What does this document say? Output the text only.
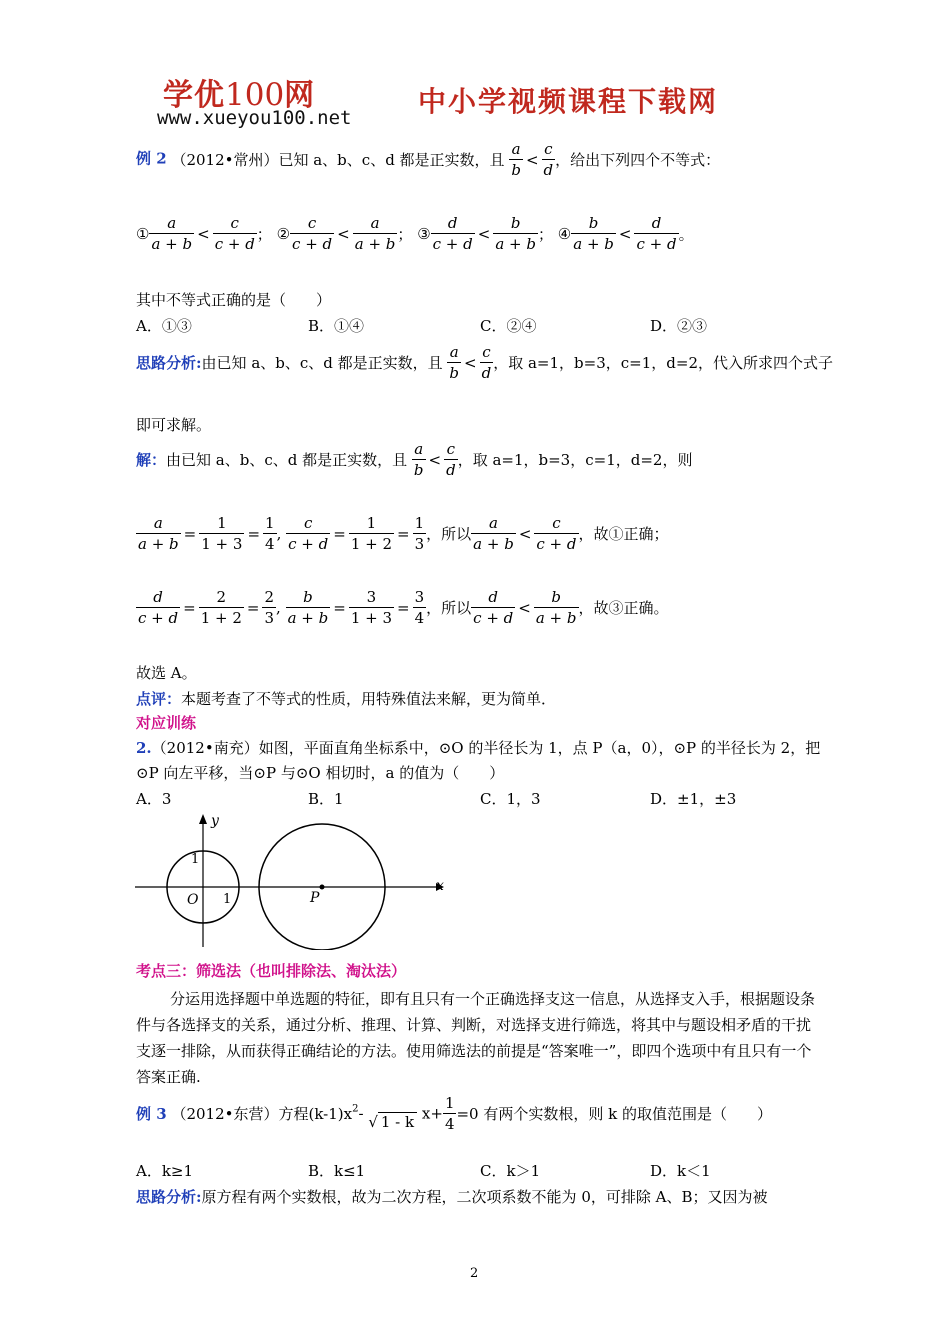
学优100网
www.xueyou100.net 中小学视频课程下载网
例 2 （2012•常州）已知 a、b、c、d 都是正实数，且 $\frac{a}{b} < \frac{c}{d}$ ，给出下列四个不等式：
① $\frac{a}{a + b} < \frac{c}{c + d}$ ； ② $\frac{c}{c + d} < \frac{a}{a + b}$ ； ③ $\frac{d}{c + d} < \frac{b}{a + b}$ ； ④ $\frac{b}{a + b} < \frac{d}{c + d}$ 。
其中不等式正确的是（　　）
A．①③	B．①④	C．②④	D．②③
思路分析:由已知 a、b、c、d 都是正实数，且 $\frac{a}{b} < \frac{c}{d}$ ，取 a=1，b=3，c=1，d=2，代入所求四个式子
即可求解。
解：由已知 a、b、c、d 都是正实数，且 $\frac{a}{b} < \frac{c}{d}$ ，取 a=1，b=3，c=1，d=2，则
$\frac{a}{a + b} = \frac{1}{1 + 3} = \frac{1}{4}$ , $\frac{c}{c + d} = \frac{1}{1 + 2} = \frac{1}{3}$ ，所以 $\frac{a}{a + b} < \frac{c}{c + d}$ ，故①正确；
$\frac{d}{c + d} = \frac{2}{1 + 2} = \frac{2}{3}$ , $\frac{b}{a + b} = \frac{3}{1 + 3} = \frac{3}{4}$ ，所以 $\frac{d}{c + d} < \frac{b}{a + b}$ ，故③正确。
故选 A。
点评：本题考查了不等式的性质，用特殊值法来解，更为简单．
对应训练
2.（2012•南充）如图，平面直角坐标系中，⊙O 的半径长为 1，点 P（a，0），⊙P 的半径长为 2，把
⊙P 向左平移，当⊙P 与⊙O 相切时，a 的值为（　　）
A．3	B．1	C．1，3	D．±1，±3
y
x
1
1
O	P
考点三：筛选法（也叫排除法、淘汰法）
分运用选择题中单选题的特征，即有且只有一个正确选择支这一信息，从选择支入手，根据题设条件与各选择支的关系，通过分析、推理、计算、判断，对选择支进行筛选，将其中与题设相矛盾的干扰支逐一排除，从而获得正确结论的方法。使用筛选法的前提是“答案唯一”，即四个选项中有且只有一个答案正确.
例 3 （2012•东营）方程$(k-1)x^2-$ √ 1 - k $x+ \frac{1}{4} =0$ 有两个实数根，则 k 的取值范围是（　　）
A．k≥1	B．k≤1	C．k＞1	D．k＜1
思路分析:原方程有两个实数根，故为二次方程，二次项系数不能为 0，可排除 A、B；又因为被
2
